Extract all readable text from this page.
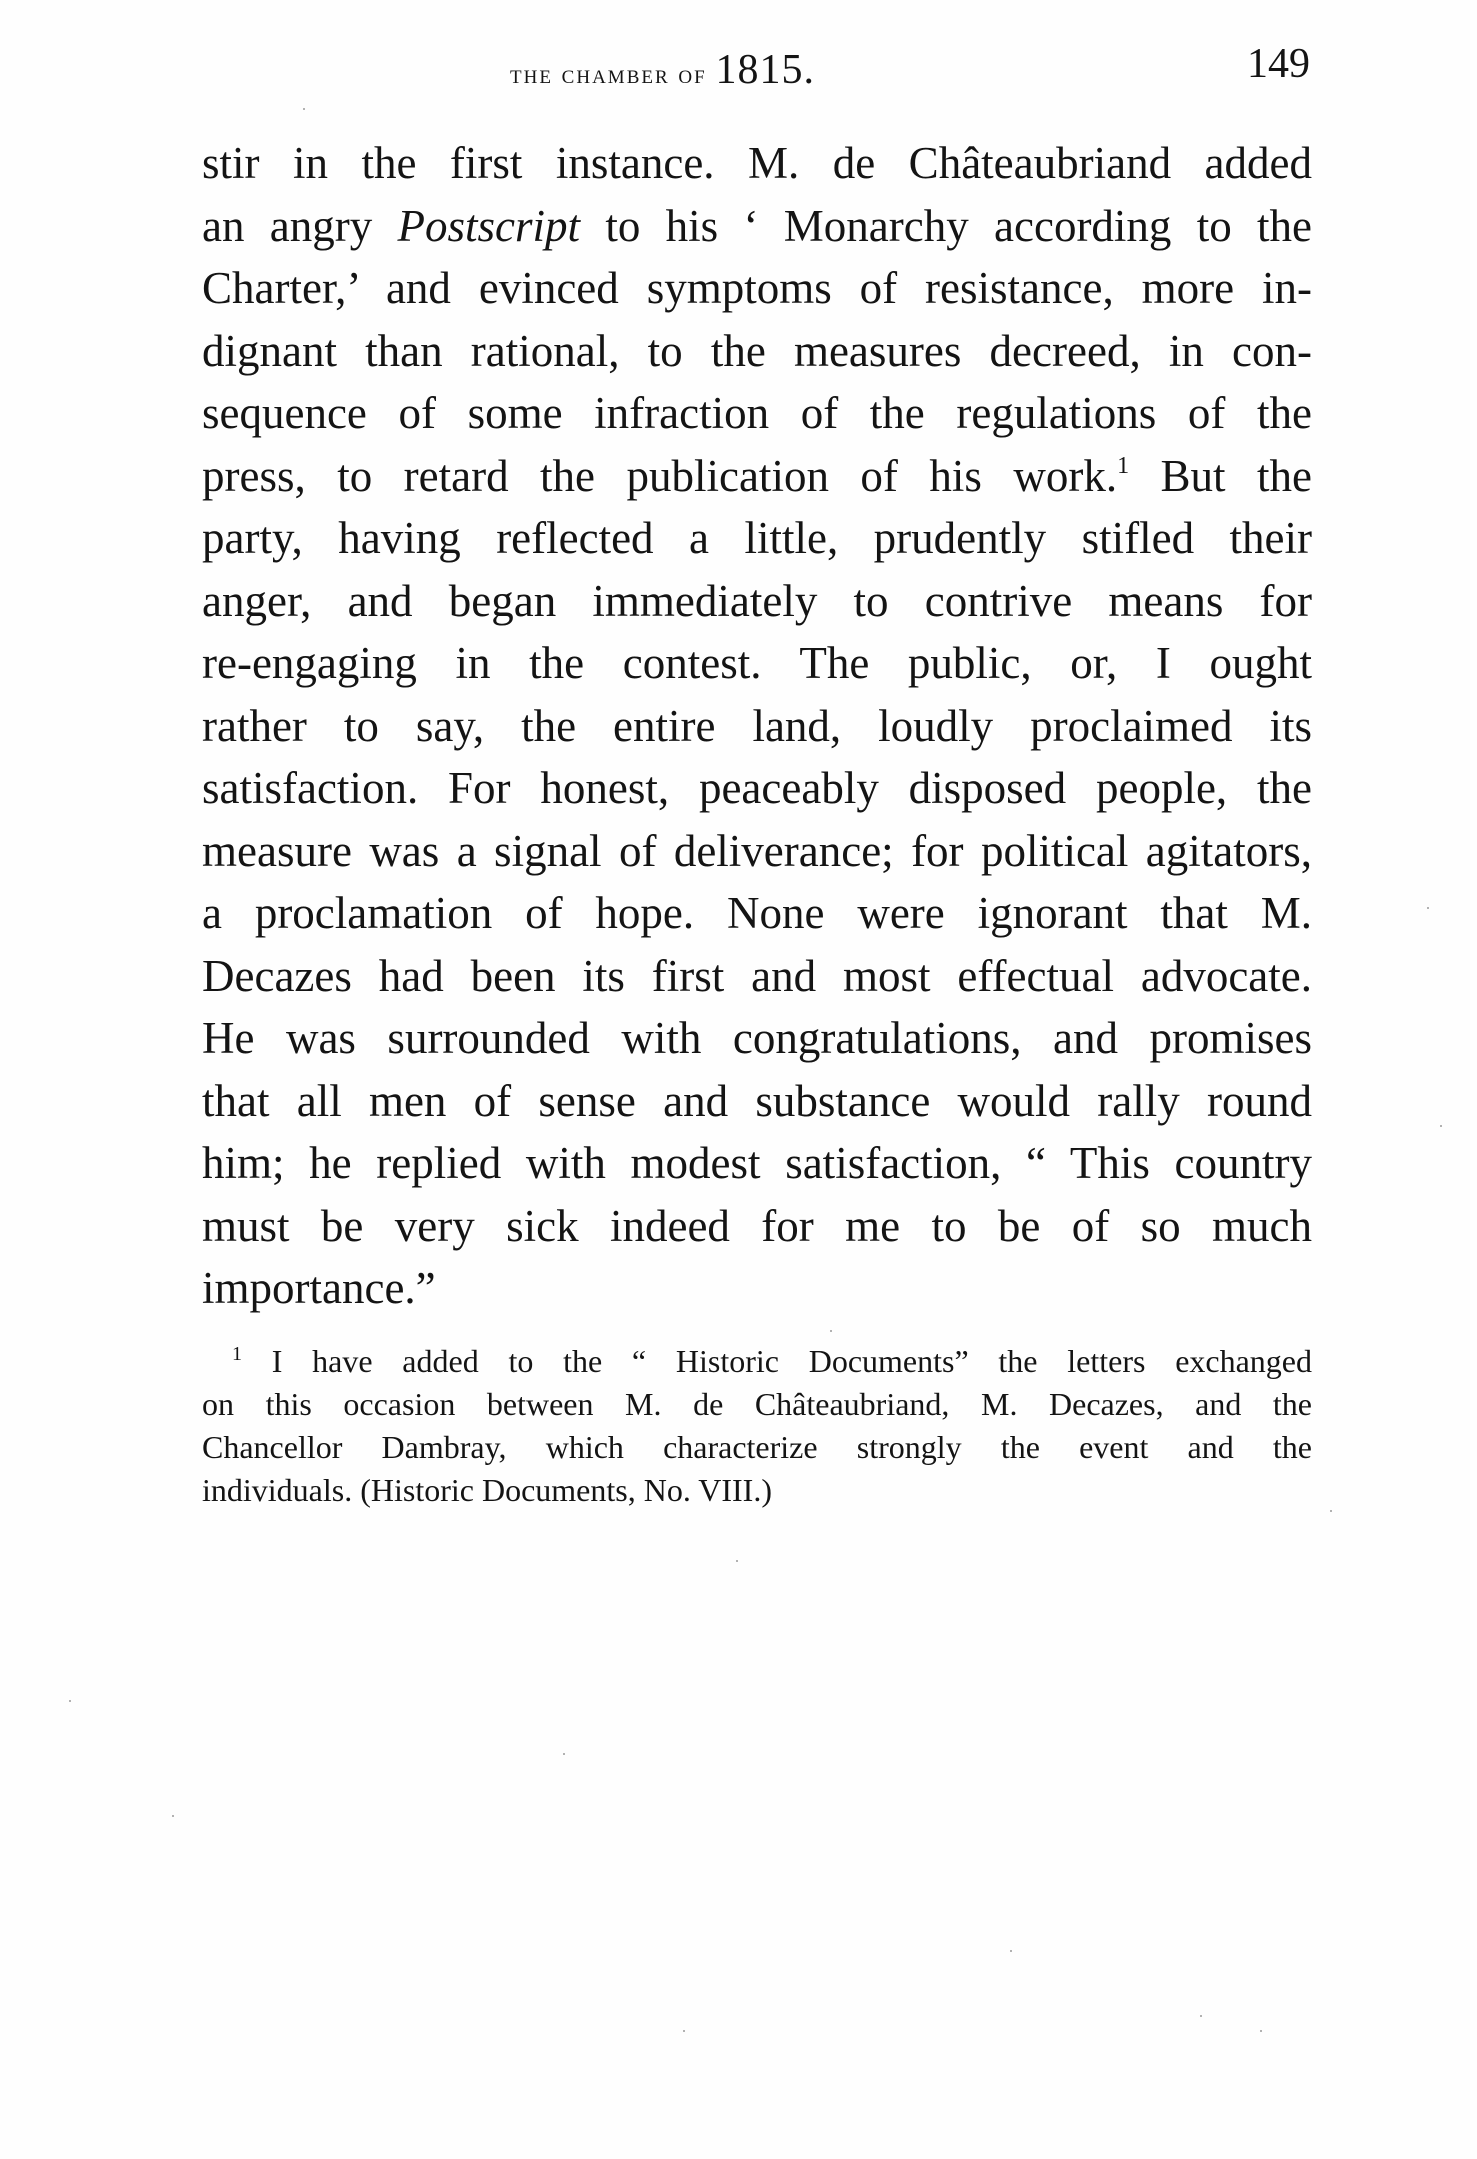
the chamber of 1815.	149
stir in the first instance. M. de Châteaubriand added
an angry Postscript to his ‘ Monarchy according to the
Charter,’ and evinced symptoms of resistance, more in-
dignant than rational, to the measures decreed, in con-
sequence of some infraction of the regulations of the
press, to retard the publication of his work.$^1$ But the
party, having reflected a little, prudently stifled their
anger, and began immediately to contrive means for
re-engaging in the contest. The public, or, I ought
rather to say, the entire land, loudly proclaimed its
satisfaction. For honest, peaceably disposed people, the
measure was a signal of deliverance; for political agitators,
a proclamation of hope. None were ignorant that M.
Decazes had been its first and most effectual advocate.
He was surrounded with congratulations, and promises
that all men of sense and substance would rally round
him; he replied with modest satisfaction, “ This country
must be very sick indeed for me to be of so much
importance.”
$^1$ I have added to the “ Historic Documents” the letters exchanged
on this occasion between M. de Châteaubriand, M. Decazes, and the
Chancellor Dambray, which characterize strongly the event and the
individuals. (Historic Documents, No. VIII.)
